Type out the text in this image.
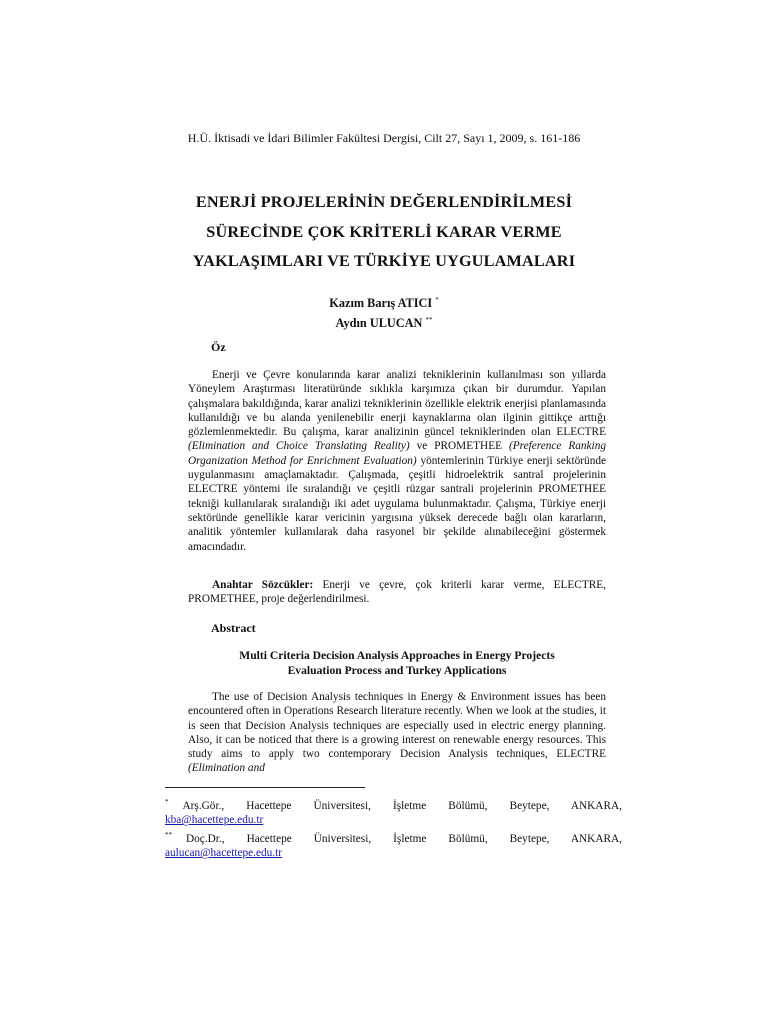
H.Ü. İktisadi ve İdari Bilimler Fakültesi Dergisi, Cilt 27, Sayı 1, 2009, s. 161-186
ENERJİ PROJELERİNİN DEĞERLENDİRİLMESİ
SÜRECİNDE ÇOK KRİTERLİ KARAR VERME
YAKLAŞIMLARI VE TÜRKİYE UYGULAMALARI
Kazım Barış ATICI *
Aydın ULUCAN **
Öz
Enerji ve Çevre konularında karar analizi tekniklerinin kullanılması son yıllarda Yöneylem Araştırması literatüründe sıklıkla karşımıza çıkan bir durumdur. Yapılan çalışmalara bakıldığında, karar analizi tekniklerinin özellikle elektrik enerjisi planlamasında kullanıldığı ve bu alanda yenilenebilir enerji kaynaklarına olan ilginin gittikçe arttığı gözlemlenmektedir. Bu çalışma, karar analizinin güncel tekniklerinden olan ELECTRE (Elimination and Choice Translating Reality) ve PROMETHEE (Preference Ranking Organization Method for Enrichment Evaluation) yöntemlerinin Türkiye enerji sektöründe uygulanmasını amaçlamaktadır. Çalışmada, çeşitli hidroelektrik santral projelerinin ELECTRE yöntemi ile sıralandığı ve çeşitli rüzgar santrali projelerinin PROMETHEE tekniği kullanılarak sıralandığı iki adet uygulama bulunmaktadır. Çalışma, Türkiye enerji sektöründe genellikle karar vericinin yargısına yüksek derecede bağlı olan kararların, analitik yöntemler kullanılarak daha rasyonel bir şekilde alınabileceğini göstermek amacındadır.
Anahtar Sözcükler: Enerji ve çevre, çok kriterli karar verme, ELECTRE, PROMETHEE, proje değerlendirilmesi.
Abstract
Multi Criteria Decision Analysis Approaches in Energy Projects
Evaluation Process and Turkey Applications
The use of Decision Analysis techniques in Energy & Environment issues has been encountered often in Operations Research literature recently. When we look at the studies, it is seen that Decision Analysis techniques are especially used in electric energy planning. Also, it can be noticed that there is a growing interest on renewable energy resources. This study aims to apply two contemporary Decision Analysis techniques, ELECTRE (Elimination and
* Arş.Gör., Hacettepe Üniversitesi, İşletme Bölümü, Beytepe, ANKARA,
kba@hacettepe.edu.tr
** Doç.Dr., Hacettepe Üniversitesi, İşletme Bölümü, Beytepe, ANKARA,
aulucan@hacettepe.edu.tr
